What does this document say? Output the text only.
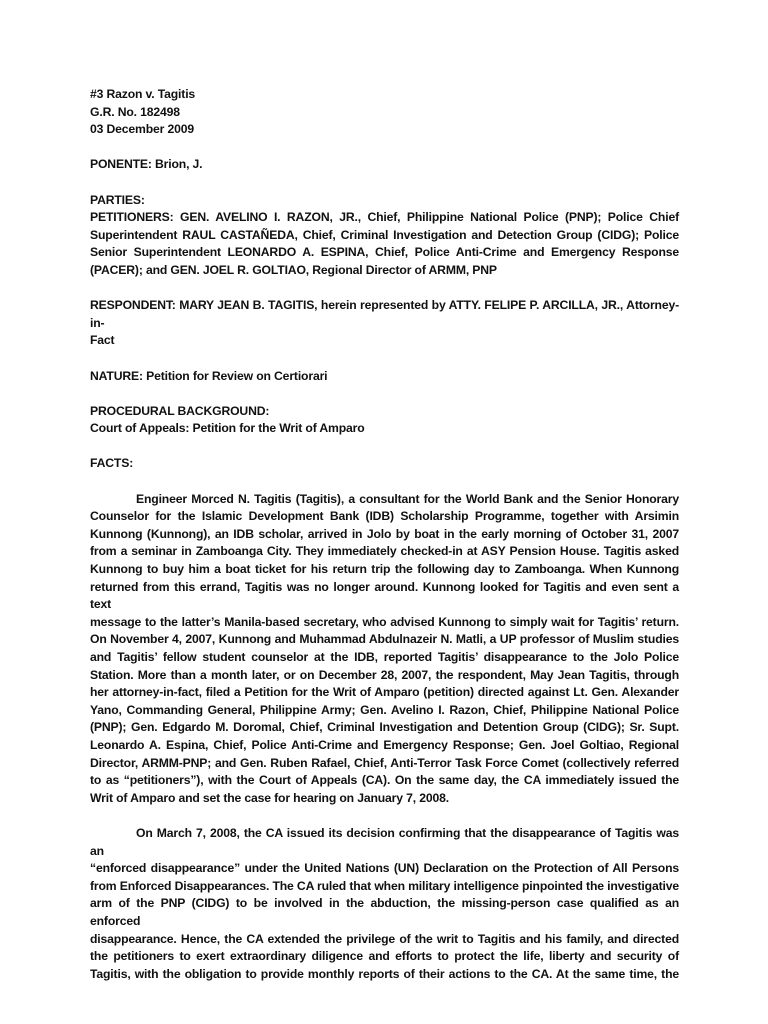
#3 Razon v. Tagitis
G.R. No. 182498
03 December 2009
PONENTE: Brion, J.
PARTIES:
PETITIONERS: GEN. AVELINO I. RAZON, JR., Chief, Philippine National Police (PNP); Police Chief
Superintendent RAUL CASTAÑEDA, Chief, Criminal Investigation and Detection Group (CIDG); Police
Senior Superintendent LEONARDO A. ESPINA, Chief, Police Anti-Crime and Emergency Response
(PACER); and GEN. JOEL R. GOLTIAO, Regional Director of ARMM, PNP
RESPONDENT: MARY JEAN B. TAGITIS, herein represented by ATTY. FELIPE P. ARCILLA, JR., Attorney-in-
Fact
NATURE: Petition for Review on Certiorari
PROCEDURAL BACKGROUND:
Court of Appeals: Petition for the Writ of Amparo
FACTS:
Engineer Morced N. Tagitis (Tagitis), a consultant for the World Bank and the Senior Honorary
Counselor for the Islamic Development Bank (IDB) Scholarship Programme, together with Arsimin
Kunnong (Kunnong), an IDB scholar, arrived in Jolo by boat in the early morning of October 31, 2007
from a seminar in Zamboanga City. They immediately checked-in at ASY Pension House. Tagitis asked
Kunnong to buy him a boat ticket for his return trip the following day to Zamboanga. When Kunnong
returned from this errand, Tagitis was no longer around. Kunnong looked for Tagitis and even sent a text
message to the latter’s Manila-based secretary, who advised Kunnong to simply wait for Tagitis’ return.
On November 4, 2007, Kunnong and Muhammad Abdulnazeir N. Matli, a UP professor of Muslim studies
and Tagitis’ fellow student counselor at the IDB, reported Tagitis’ disappearance to the Jolo Police
Station. More than a month later, or on December 28, 2007, the respondent, May Jean Tagitis, through
her attorney-in-fact, filed a Petition for the Writ of Amparo (petition) directed against Lt. Gen. Alexander
Yano, Commanding General, Philippine Army; Gen. Avelino I. Razon, Chief, Philippine National Police
(PNP); Gen. Edgardo M. Doromal, Chief, Criminal Investigation and Detention Group (CIDG); Sr. Supt.
Leonardo A. Espina, Chief, Police Anti-Crime and Emergency Response; Gen. Joel Goltiao, Regional
Director, ARMM-PNP; and Gen. Ruben Rafael, Chief, Anti-Terror Task Force Comet (collectively referred
to as “petitioners”), with the Court of Appeals (CA). On the same day, the CA immediately issued the
Writ of Amparo and set the case for hearing on January 7, 2008.
On March 7, 2008, the CA issued its decision confirming that the disappearance of Tagitis was an
“enforced disappearance” under the United Nations (UN) Declaration on the Protection of All Persons
from Enforced Disappearances. The CA ruled that when military intelligence pinpointed the investigative
arm of the PNP (CIDG) to be involved in the abduction, the missing-person case qualified as an enforced
disappearance. Hence, the CA extended the privilege of the writ to Tagitis and his family, and directed
the petitioners to exert extraordinary diligence and efforts to protect the life, liberty and security of
Tagitis, with the obligation to provide monthly reports of their actions to the CA. At the same time, the
